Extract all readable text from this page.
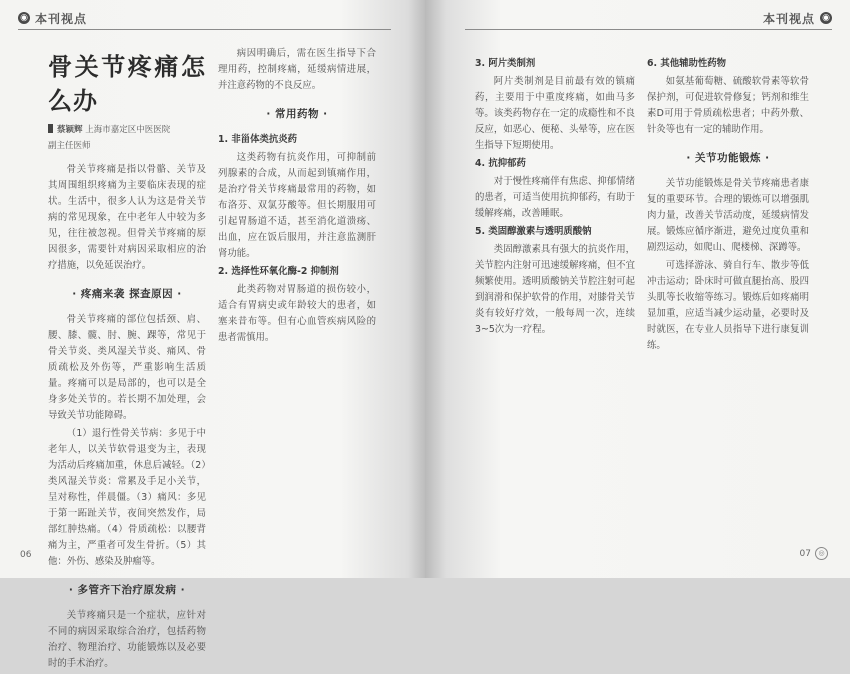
◉ 本刊视点
骨关节疼痛怎么办
蔡颖辉 上海市嘉定区中医医院
副主任医师

骨关节疼痛是指以骨骼、关节及其周围组织疼痛为主要临床表现的症状。生活中，很多人认为这是骨关节病的常见现象，在中老年人中较为多见，往往被忽视。但骨关节疼痛的原因很多，需要针对病因采取相应的治疗措施，以免延误治疗。

· 疼痛来袭 探查原因 ·

骨关节疼痛的部位包括颈、肩、腰、膝、髋、肘、腕、踝等，常见于骨关节炎、类风湿关节炎、痛风、骨质疏松及外伤等，严重影响生活质量。疼痛可以是局部的，也可以是全身多处关节的。若长期不加处理，会导致关节功能障碍。

（1）退行性骨关节病：多见于中老年人，以关节软骨退变为主，表现为活动后疼痛加重，休息后减轻。（2）类风湿关节炎：常累及手足小关节，呈对称性，伴晨僵。（3）痛风：多见于第一跖趾关节，夜间突然发作，局部红肿热痛。（4）骨质疏松：以腰背痛为主，严重者可发生骨折。（5）其他：外伤、感染及肿瘤等。

· 多管齐下治疗原发病 ·

关节疼痛只是一个症状，应针对不同的病因采取综合治疗，包括药物治疗、物理治疗、功能锻炼以及必要时的手术治疗。

病因明确后，需在医生指导下合理用药，控制疼痛，延缓病情进展，并注意药物的不良反应。

· 常用药物 ·

1. 非甾体类抗炎药

这类药物有抗炎作用，可抑制前列腺素的合成，从而起到镇痛作用，是治疗骨关节疼痛最常用的药物，如布洛芬、双氯芬酸等。但长期服用可引起胃肠道不适，甚至消化道溃疡、出血，应在饭后服用，并注意监测肝肾功能。

2. 选择性环氧化酶-2 抑制剂

此类药物对胃肠道的损伤较小，适合有胃病史或年龄较大的患者，如塞来昔布等。但有心血管疾病风险的患者需慎用。

06
◉
本刊视点

3. 阿片类制剂

阿片类制剂是目前最有效的镇痛药，主要用于中重度疼痛，如曲马多等。该类药物存在一定的成瘾性和不良反应，如恶心、便秘、头晕等，应在医生指导下短期使用。

4. 抗抑郁药

对于慢性疼痛伴有焦虑、抑郁情绪的患者，可适当使用抗抑郁药，有助于缓解疼痛，改善睡眠。

5. 类固醇激素与透明质酸钠

类固醇激素具有强大的抗炎作用，关节腔内注射可迅速缓解疼痛，但不宜频繁使用。透明质酸钠关节腔注射可起到润滑和保护软骨的作用，对膝骨关节炎有较好疗效，一般每周一次，连续3~5次为一疗程。

6. 其他辅助性药物

如氨基葡萄糖、硫酸软骨素等软骨保护剂，可促进软骨修复；钙剂和维生素D可用于骨质疏松患者；中药外敷、针灸等也有一定的辅助作用。

· 关节功能锻炼 ·

关节功能锻炼是骨关节疼痛患者康复的重要环节。合理的锻炼可以增强肌肉力量，改善关节活动度，延缓病情发展。锻炼应循序渐进，避免过度负重和剧烈运动，如爬山、爬楼梯、深蹲等。

可选择游泳、骑自行车、散步等低冲击运动；卧床时可做直腿抬高、股四头肌等长收缩等练习。锻炼后如疼痛明显加重，应适当减少运动量，必要时及时就医，在专业人员指导下进行康复训练。

07	◎
